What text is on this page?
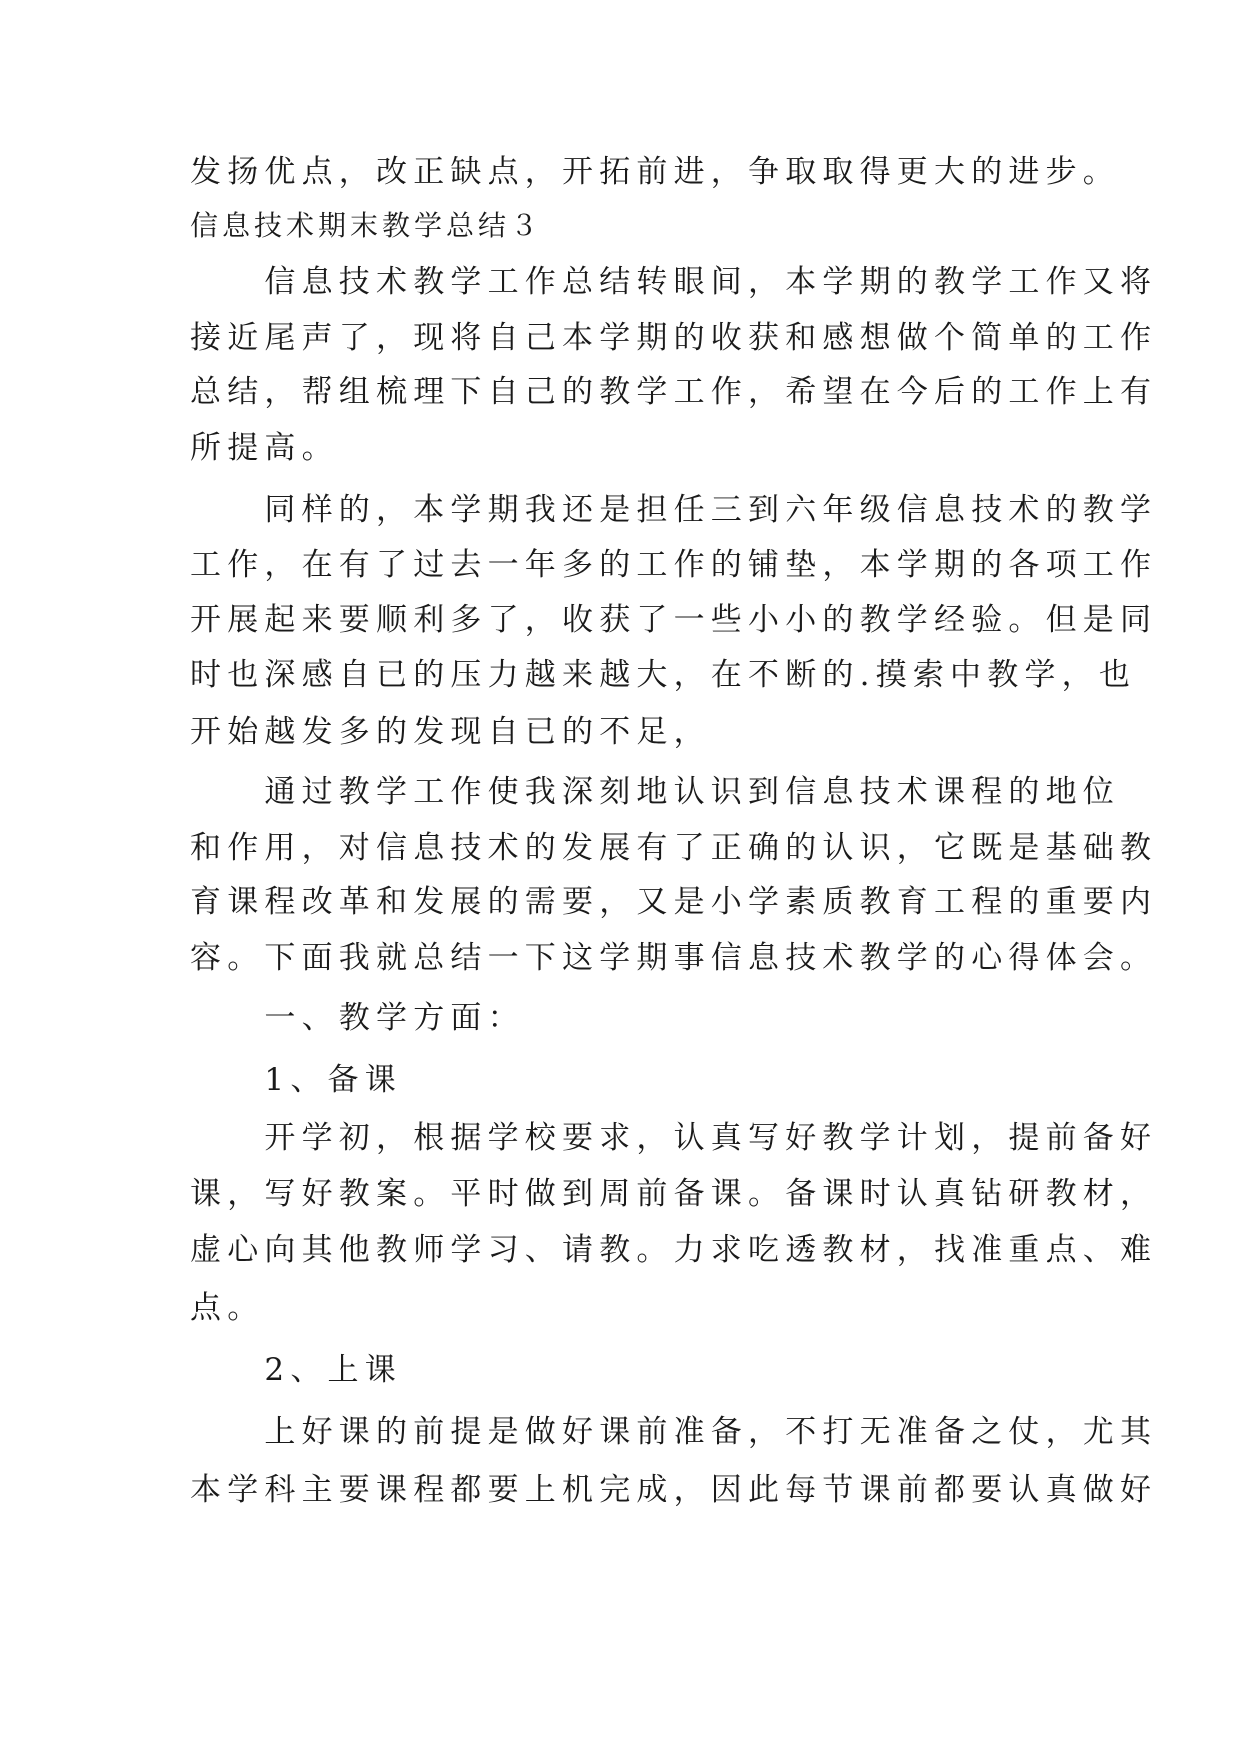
发扬优点，改正缺点，开拓前进，争取取得更大的进步。
信息技术期末教学总结３
　　信息技术教学工作总结转眼间，本学期的教学工作又将
接近尾声了，现将自己本学期的收获和感想做个简单的工作
总结，帮组梳理下自己的教学工作，希望在今后的工作上有
所提高。
　　同样的，本学期我还是担任三到六年级信息技术的教学
工作，在有了过去一年多的工作的铺垫，本学期的各项工作
开展起来要顺利多了，收获了一些小小的教学经验。但是同
时也深感自已的压力越来越大，在不断的.摸索中教学，也
开始越发多的发现自已的不足，
　　通过教学工作使我深刻地认识到信息技术课程的地位
和作用，对信息技术的发展有了正确的认识，它既是基础教
育课程改革和发展的需要，又是小学素质教育工程的重要内
容。下面我就总结一下这学期事信息技术教学的心得体会。
　　一、教学方面：
　　1、备课
　　开学初，根据学校要求，认真写好教学计划，提前备好
课，写好教案。平时做到周前备课。备课时认真钻研教材，
虚心向其他教师学习、请教。力求吃透教材，找准重点、难
点。
　　2、上课
　　上好课的前提是做好课前准备，不打无准备之仗，尤其
本学科主要课程都要上机完成，因此每节课前都要认真做好
